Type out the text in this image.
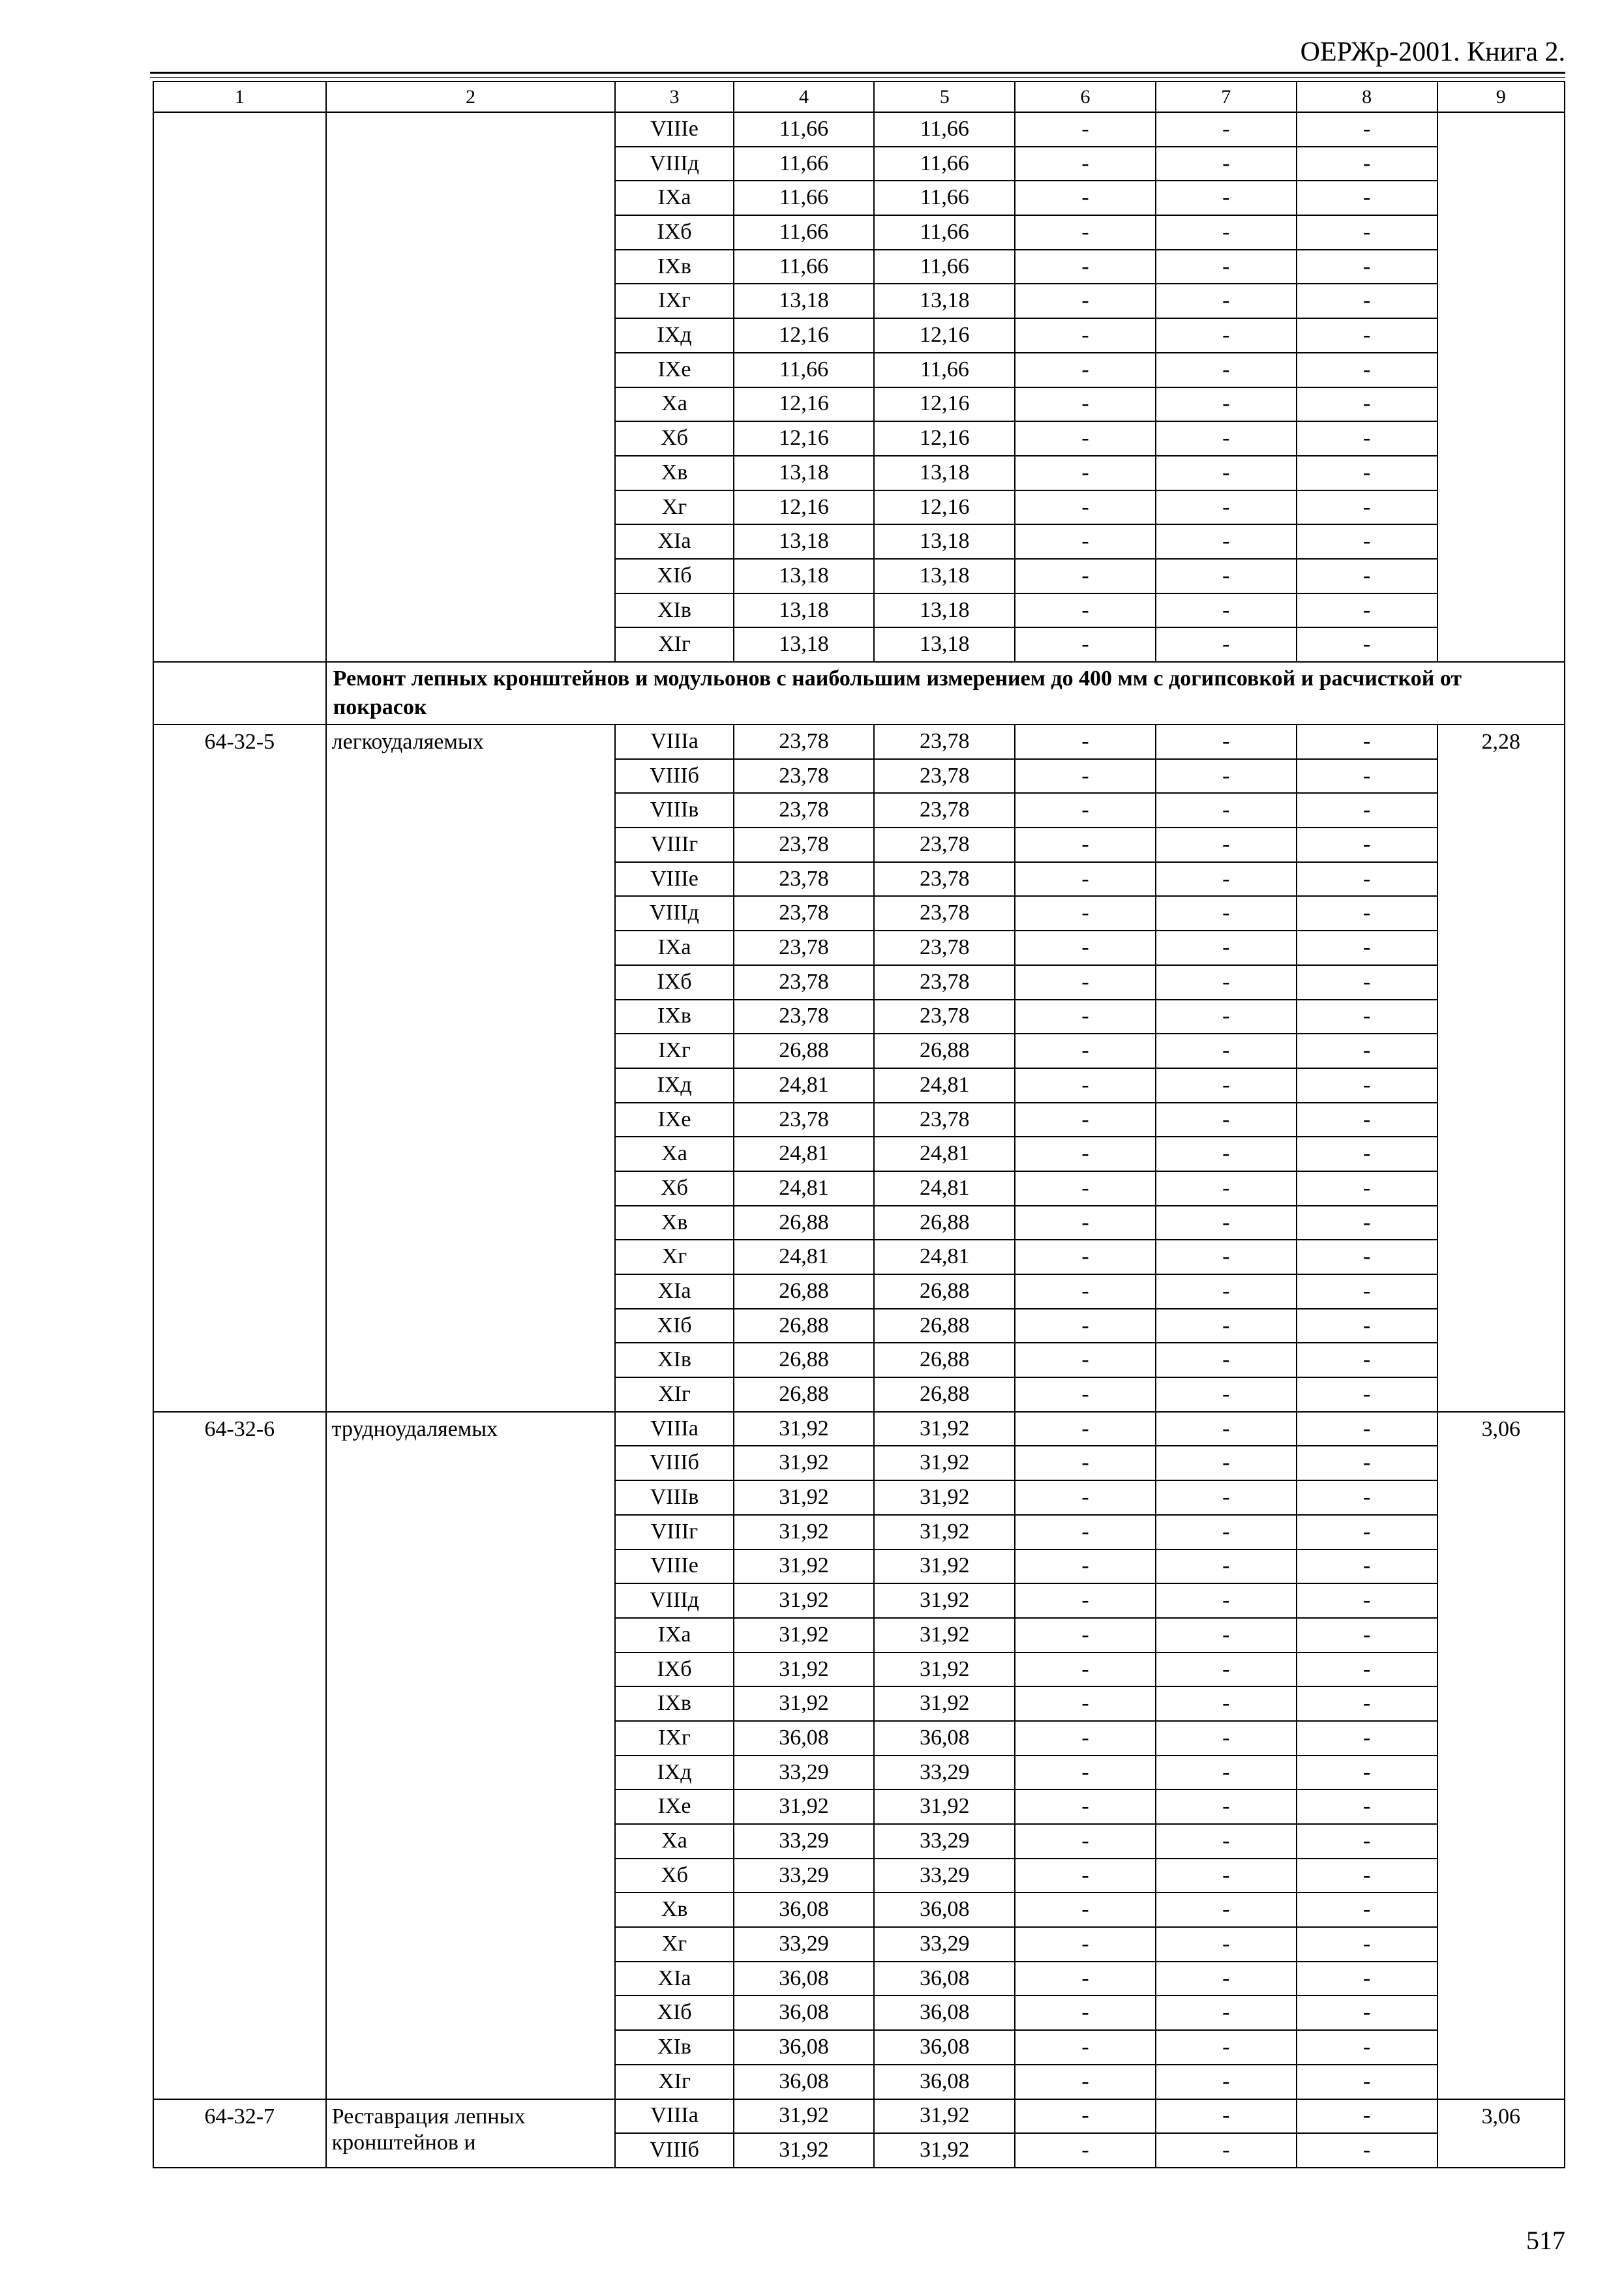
ОЕРЖр-2001. Книга 2.
1	2	3	4	5	6	7	8	9
		VIIIе	11,66	11,66	-	-	-	
		VIIIд	11,66	11,66	-	-	-	
		IXа	11,66	11,66	-	-	-	
		IXб	11,66	11,66	-	-	-	
		IXв	11,66	11,66	-	-	-	
		IXг	13,18	13,18	-	-	-	
		IXд	12,16	12,16	-	-	-	
		IXе	11,66	11,66	-	-	-	
		Xа	12,16	12,16	-	-	-	
		Xб	12,16	12,16	-	-	-	
		Xв	13,18	13,18	-	-	-	
		Xг	12,16	12,16	-	-	-	
		XIа	13,18	13,18	-	-	-	
		XIб	13,18	13,18	-	-	-	
		XIв	13,18	13,18	-	-	-	
		XIг	13,18	13,18	-	-	-	
	Ремонт лепных кронштейнов и модульонов с наибольшим измерением до 400 мм с догипсовкой и расчисткой от покрасок							
64-32-5	легкоудаляемых	VIIIа	23,78	23,78	-	-	-	2,28
		VIIIб	23,78	23,78	-	-	-	
		VIIIв	23,78	23,78	-	-	-	
		VIIIг	23,78	23,78	-	-	-	
		VIIIе	23,78	23,78	-	-	-	
		VIIIд	23,78	23,78	-	-	-	
		IXа	23,78	23,78	-	-	-	
		IXб	23,78	23,78	-	-	-	
		IXв	23,78	23,78	-	-	-	
		IXг	26,88	26,88	-	-	-	
		IXд	24,81	24,81	-	-	-	
		IXе	23,78	23,78	-	-	-	
		Xа	24,81	24,81	-	-	-	
		Xб	24,81	24,81	-	-	-	
		Xв	26,88	26,88	-	-	-	
		Xг	24,81	24,81	-	-	-	
		XIа	26,88	26,88	-	-	-	
		XIб	26,88	26,88	-	-	-	
		XIв	26,88	26,88	-	-	-	
		XIг	26,88	26,88	-	-	-	
64-32-6	трудноудаляемых	VIIIа	31,92	31,92	-	-	-	3,06
		VIIIб	31,92	31,92	-	-	-	
		VIIIв	31,92	31,92	-	-	-	
		VIIIг	31,92	31,92	-	-	-	
		VIIIе	31,92	31,92	-	-	-	
		VIIIд	31,92	31,92	-	-	-	
		IXа	31,92	31,92	-	-	-	
		IXб	31,92	31,92	-	-	-	
		IXв	31,92	31,92	-	-	-	
		IXг	36,08	36,08	-	-	-	
		IXд	33,29	33,29	-	-	-	
		IXе	31,92	31,92	-	-	-	
		Xа	33,29	33,29	-	-	-	
		Xб	33,29	33,29	-	-	-	
		Xв	36,08	36,08	-	-	-	
		Xг	33,29	33,29	-	-	-	
		XIа	36,08	36,08	-	-	-	
		XIб	36,08	36,08	-	-	-	
		XIв	36,08	36,08	-	-	-	
		XIг	36,08	36,08	-	-	-	
64-32-7	Реставрация лепных кронштейнов и	VIIIа	31,92	31,92	-	-	-	3,06
		VIIIб	31,92	31,92	-	-	-	
517
